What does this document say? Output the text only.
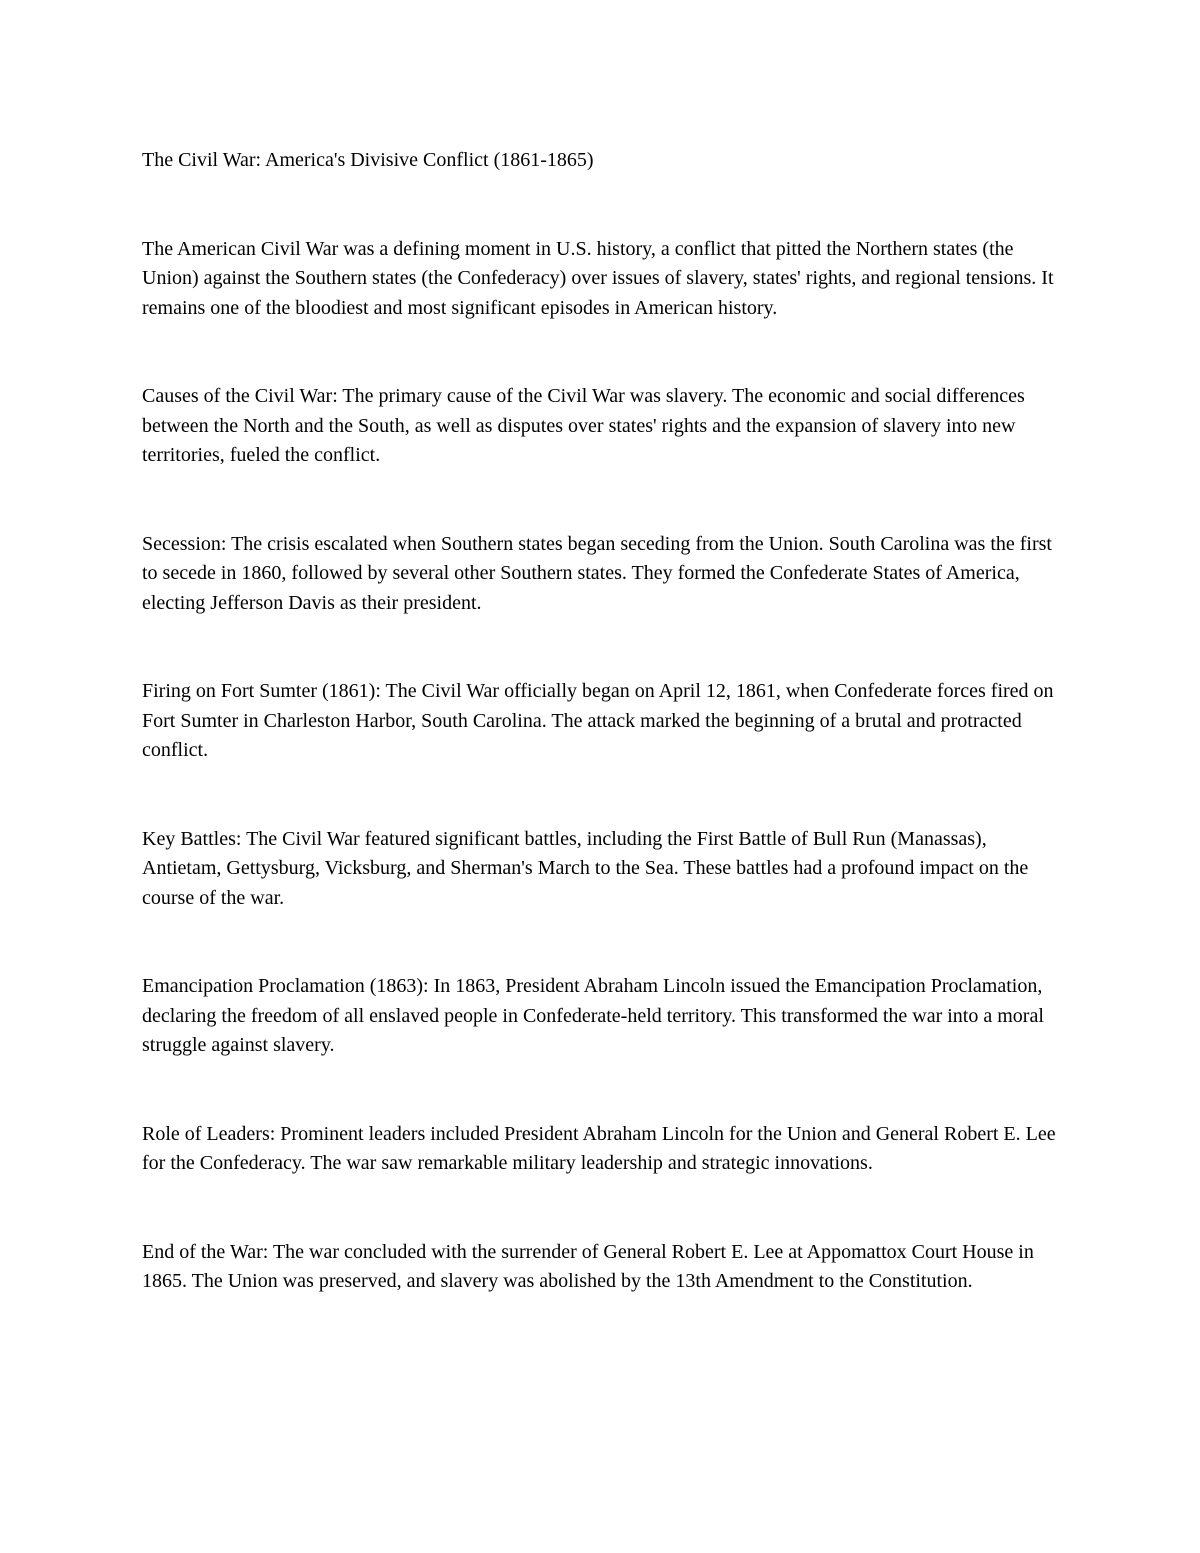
The Civil War: America's Divisive Conflict (1861-1865)

The American Civil War was a defining moment in U.S. history, a conflict that pitted the Northern states (the Union) against the Southern states (the Confederacy) over issues of slavery, states' rights, and regional tensions. It remains one of the bloodiest and most significant episodes in American history.

Causes of the Civil War: The primary cause of the Civil War was slavery. The economic and social differences between the North and the South, as well as disputes over states' rights and the expansion of slavery into new territories, fueled the conflict.

Secession: The crisis escalated when Southern states began seceding from the Union. South Carolina was the first to secede in 1860, followed by several other Southern states. They formed the Confederate States of America, electing Jefferson Davis as their president.

Firing on Fort Sumter (1861): The Civil War officially began on April 12, 1861, when Confederate forces fired on Fort Sumter in Charleston Harbor, South Carolina. The attack marked the beginning of a brutal and protracted conflict.

Key Battles: The Civil War featured significant battles, including the First Battle of Bull Run (Manassas), Antietam, Gettysburg, Vicksburg, and Sherman's March to the Sea. These battles had a profound impact on the course of the war.

Emancipation Proclamation (1863): In 1863, President Abraham Lincoln issued the Emancipation Proclamation, declaring the freedom of all enslaved people in Confederate-held territory. This transformed the war into a moral struggle against slavery.

Role of Leaders: Prominent leaders included President Abraham Lincoln for the Union and General Robert E. Lee for the Confederacy. The war saw remarkable military leadership and strategic innovations.

End of the War: The war concluded with the surrender of General Robert E. Lee at Appomattox Court House in 1865. The Union was preserved, and slavery was abolished by the 13th Amendment to the Constitution.
